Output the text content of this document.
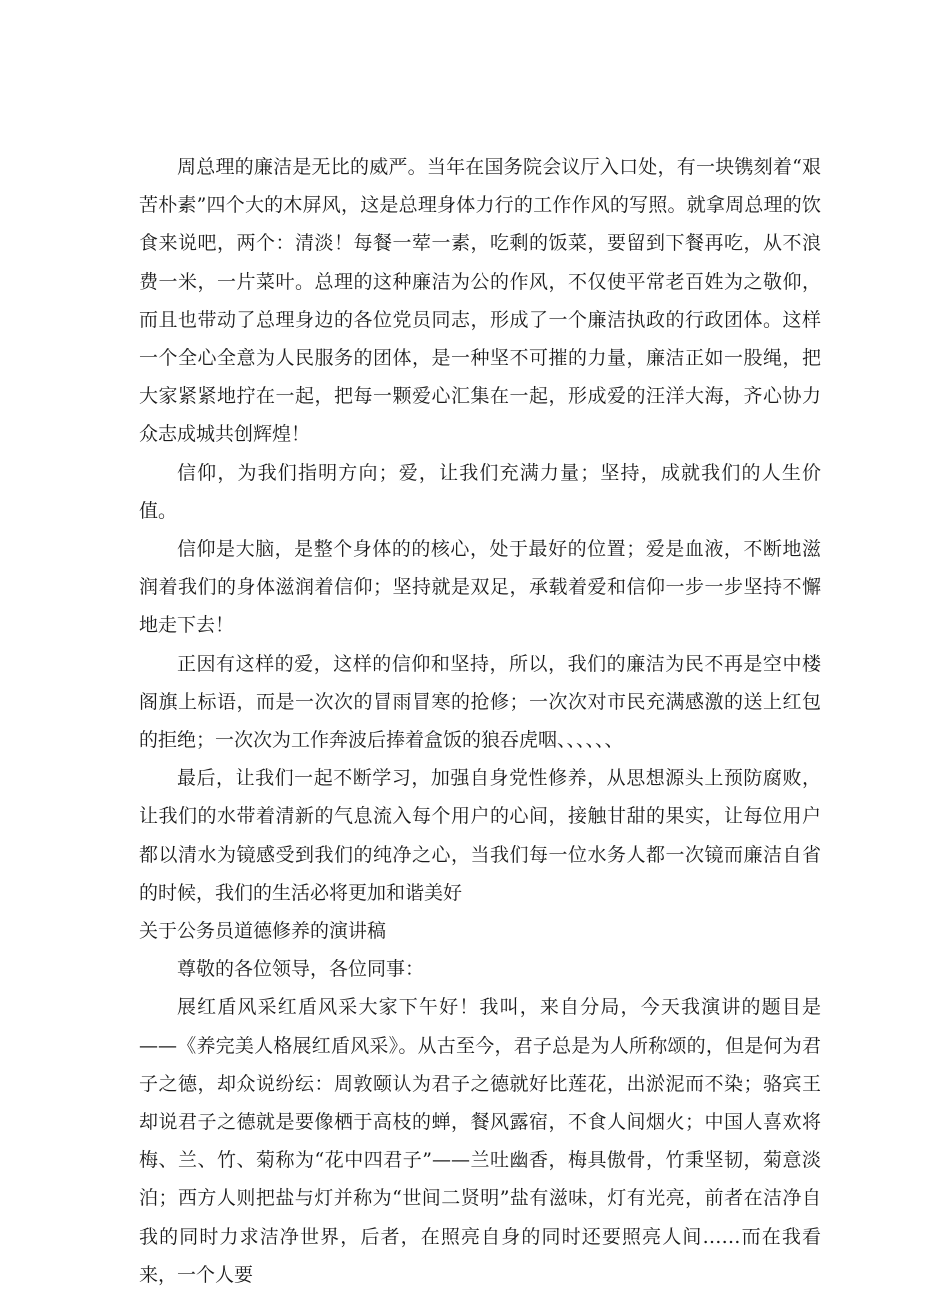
周总理的廉洁是无比的威严。当年在国务院会议厅入口处，有一块镌刻着“艰苦朴素”四个大的木屏风，这是总理身体力行的工作作风的写照。就拿周总理的饮食来说吧，两个：清淡！每餐一荤一素，吃剩的饭菜，要留到下餐再吃，从不浪费一米，一片菜叶。总理的这种廉洁为公的作风，不仅使平常老百姓为之敬仰，而且也带动了总理身边的各位党员同志，形成了一个廉洁执政的行政团体。这样一个全心全意为人民服务的团体，是一种坚不可摧的力量，廉洁正如一股绳，把大家紧紧地拧在一起，把每一颗爱心汇集在一起，形成爱的汪洋大海，齐心协力众志成城共创辉煌！

信仰，为我们指明方向；爱，让我们充满力量；坚持，成就我们的人生价值。

信仰是大脑，是整个身体的的核心，处于最好的位置；爱是血液，不断地滋润着我们的身体滋润着信仰；坚持就是双足，承载着爱和信仰一步一步坚持不懈地走下去！

正因有这样的爱，这样的信仰和坚持，所以，我们的廉洁为民不再是空中楼阁旗上标语，而是一次次的冒雨冒寒的抢修；一次次对市民充满感激的送上红包的拒绝；一次次为工作奔波后捧着盒饭的狼吞虎咽、、、、、、

最后，让我们一起不断学习，加强自身党性修养，从思想源头上预防腐败，让我们的水带着清新的气息流入每个用户的心间，接触甘甜的果实，让每位用户都以清水为镜感受到我们的纯净之心，当我们每一位水务人都一次镜而廉洁自省的时候，我们的生活必将更加和谐美好

关于公务员道德修养的演讲稿

尊敬的各位领导，各位同事：

展红盾风采红盾风采大家下午好！我叫，来自分局，今天我演讲的题目是——《养完美人格展红盾风采》。从古至今，君子总是为人所称颂的，但是何为君子之德，却众说纷纭：周敦颐认为君子之德就好比莲花，出淤泥而不染；骆宾王却说君子之德就是要像栖于高枝的蝉，餐风露宿，不食人间烟火；中国人喜欢将梅、兰、竹、菊称为“花中四君子”——兰吐幽香，梅具傲骨，竹秉坚韧，菊意淡泊；西方人则把盐与灯并称为“世间二贤明”盐有滋味，灯有光亮，前者在洁净自我的同时力求洁净世界，后者，在照亮自身的同时还要照亮人间……而在我看来，一个人要
